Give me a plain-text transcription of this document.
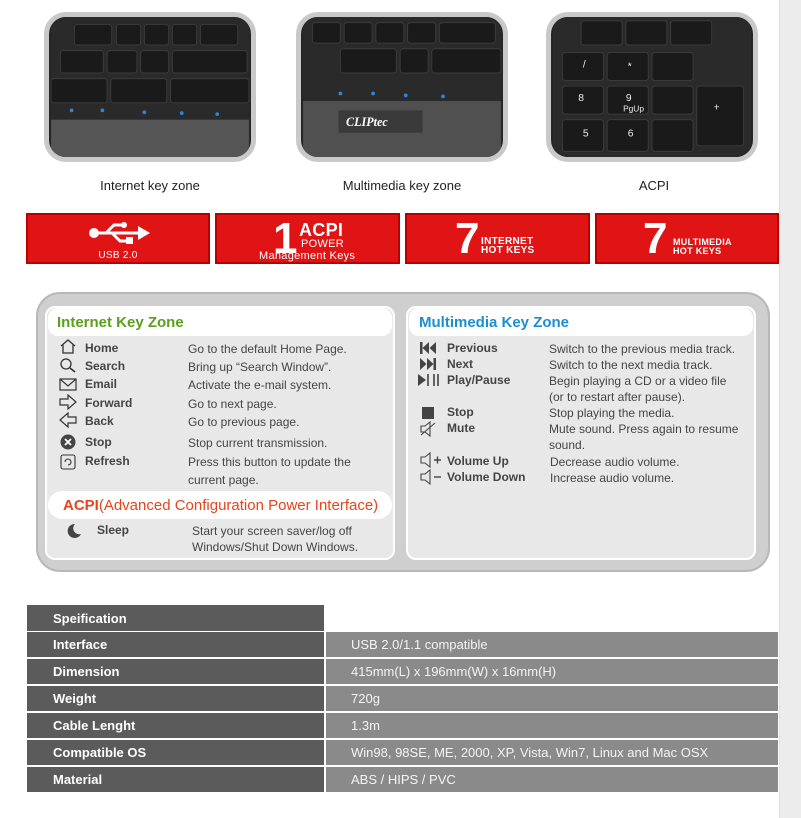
CLIPtec
/	*
8	9
PgUp
5	6
+
Internet key zone	Multimedia key zone	ACPI
USB 2.0	1 ACPI
POWER
Management Keys 7 INTERNET
HOT KEYS 7 MULTIMEDIA
HOT KEYS
Internet Key Zone	Multimedia Key Zone
Home	Go to the default Home Page.
Search	Bring up “Search Window”.
Email	Activate the e-mail system.
Forward	Go to next page.
Back	Go to previous page.
Stop	Stop current transmission.
Refresh	Press this button to update the
current page.
ACPI(Advanced Configuration Power Interface)
Sleep	Start your screen saver/log off
Windows/Shut Down Windows.
Previous	Switch to the previous media track.
Next	Switch to the next media track.
Play/Pause	Begin playing a CD or a video file
(or to restart after pause).
Stop	Stop playing the media.
Mute	Mute sound. Press again to resume
sound.
Volume Up	Decrease audio volume.
Volume Down Increase audio volume.
Speification
Interface	USB 2.0/1.1 compatible
Dimension	415mm(L) x 196mm(W) x 16mm(H)
Weight	720g
Cable Lenght	1.3m
Compatible OS	Win98, 98SE, ME, 2000, XP, Vista, Win7, Linux and Mac OSX
Material	ABS / HIPS / PVC
